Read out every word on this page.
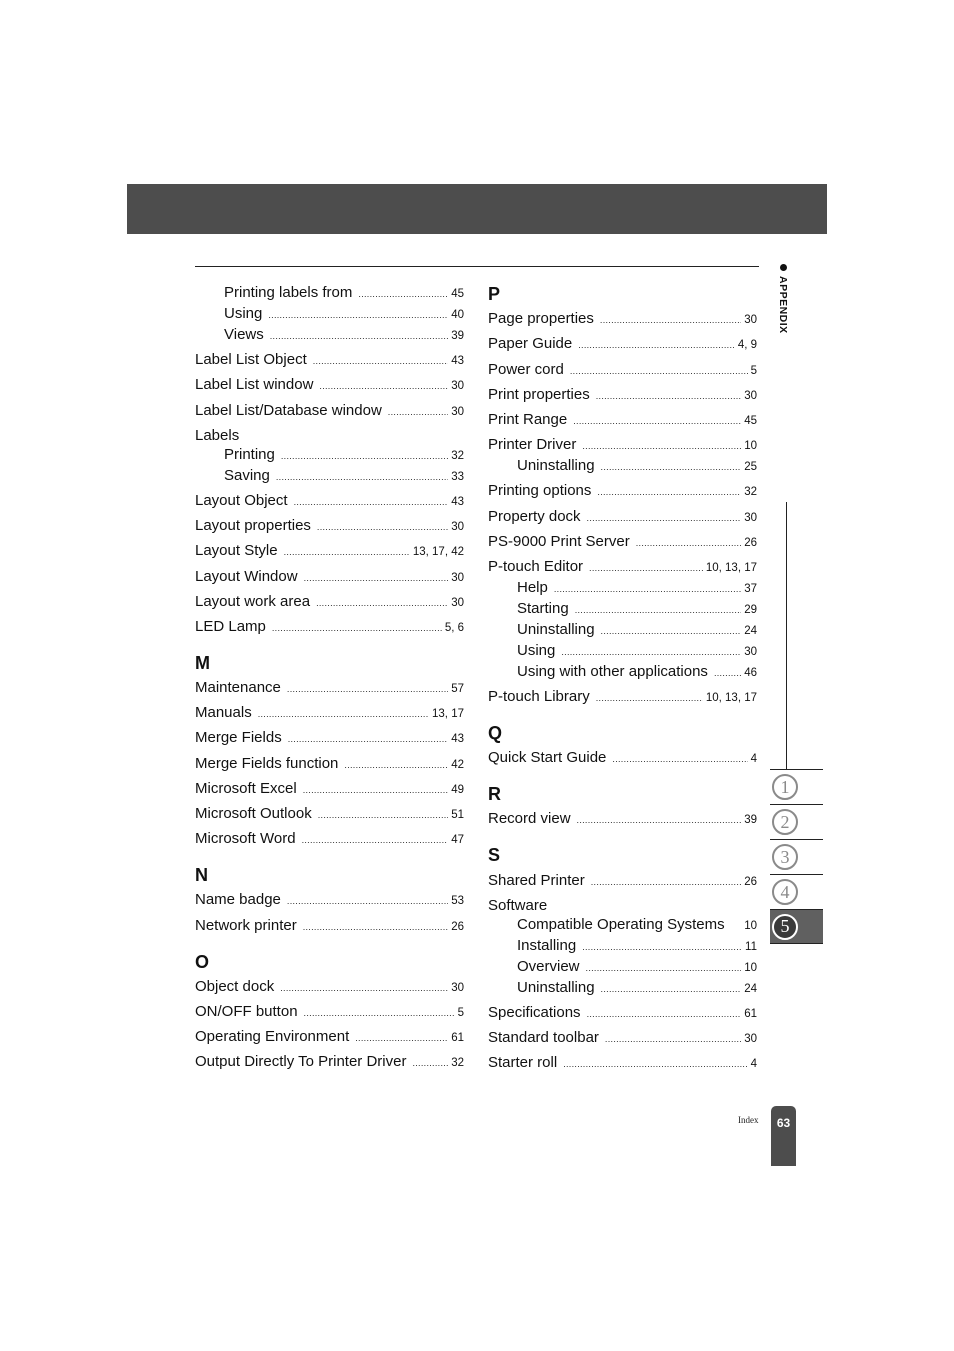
Printing labels from .....	45
Using .....	40
Views .....	39
Label List Object .....	43
Label List window .....	30
Label List/Database window .....	30
Labels
Printing .....	32
Saving .....	33
Layout Object .....	43
Layout properties .....	30
Layout Style .....	13, 17, 42
Layout Window .....	30
Layout work area .....	30
LED Lamp .....	5, 6
M
Maintenance .....	57
Manuals .....	13, 17
Merge Fields .....	43
Merge Fields function .....	42
Microsoft Excel .....	49
Microsoft Outlook .....	51
Microsoft Word .....	47
N
Name badge .....	53
Network printer .....	26
O
Object dock .....	30
ON/OFF button .....	5
Operating Environment .....	61
Output Directly To Printer Driver .....	32
P
Page properties .....	30
Paper Guide .....	4, 9
Power cord .....	5
Print properties .....	30
Print Range .....	45
Printer Driver .....	10
Uninstalling .....	25
Printing options .....	32
Property dock .....	30
PS-9000 Print Server .....	26
P-touch Editor .....	10, 13, 17
Help .....	37
Starting .....	29
Uninstalling .....	24
Using .....	30
Using with other applications .....	46
P-touch Library .....	10, 13, 17
Q
Quick Start Guide .....	4
R
Record view .....	39
S
Shared Printer .....	26
Software
Compatible Operating Systems 10
Installing .....	11
Overview .....	10
Uninstalling .....	24
Specifications .....	61
Standard toolbar .....	30
Starter roll .....	4
APPENDIX
1
2
3
4
5
Index	63
